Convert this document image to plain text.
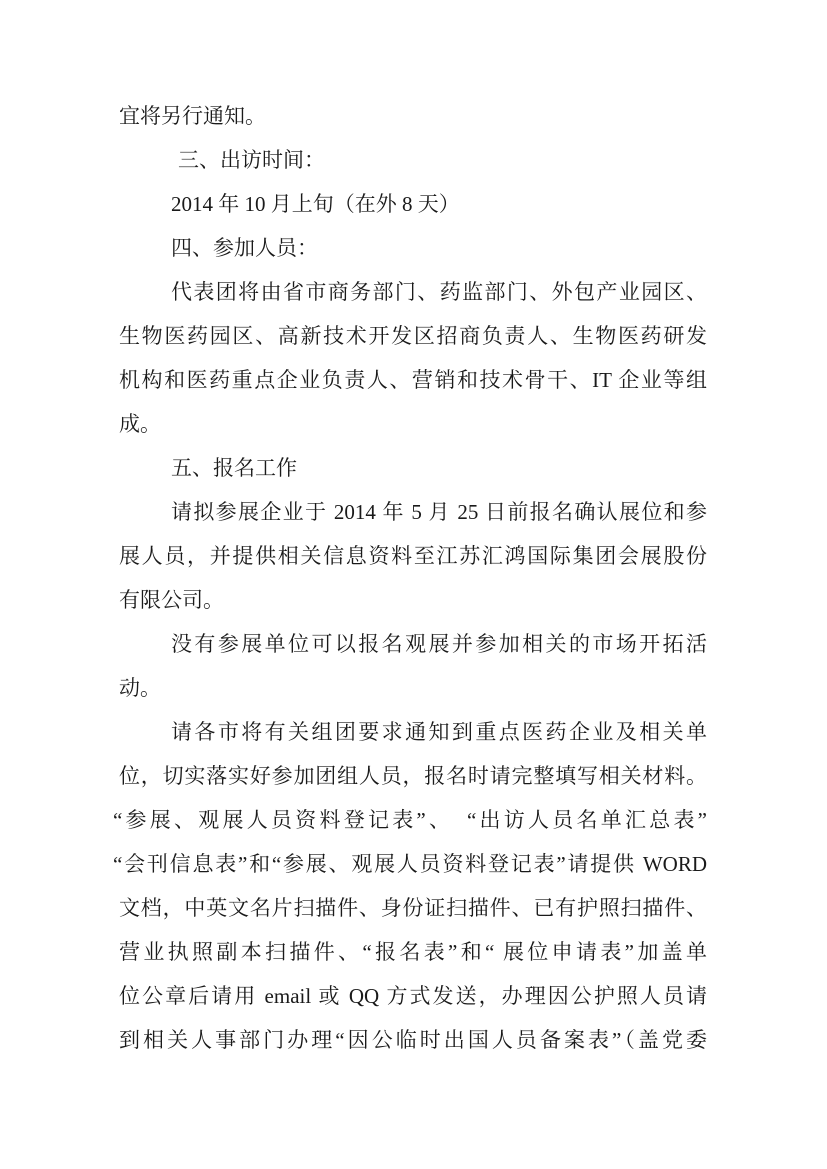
宜将另行通知。
三、出访时间：
2014 年 10 月上旬（在外 8 天）
四、参加人员：
代表团将由省市商务部门、药监部门、外包产业园区、
生物医药园区、高新技术开发区招商负责人、生物医药研发
机构和医药重点企业负责人、营销和技术骨干、IT 企业等组
成。
五、报名工作
请拟参展企业于 2014 年 5 月 25 日前报名确认展位和参
展人员，并提供相关信息资料至江苏汇鸿国际集团会展股份
有限公司。
没有参展单位可以报名观展并参加相关的市场开拓活
动。
请各市将有关组团要求通知到重点医药企业及相关单
位，切实落实好参加团组人员，报名时请完整填写相关材料。
“参展、观展人员资料登记表”、　“出访人员名单汇总表”
“会刊信息表”和“参展、观展人员资料登记表”请提供 WORD
文档，中英文名片扫描件、身份证扫描件、已有护照扫描件、
营业执照副本扫描件、“报名表”和“ 展位申请表”加盖单
位公章后请用 email 或 QQ 方式发送，办理因公护照人员请
到相关人事部门办理“因公临时出国人员备案表”（盖党委
